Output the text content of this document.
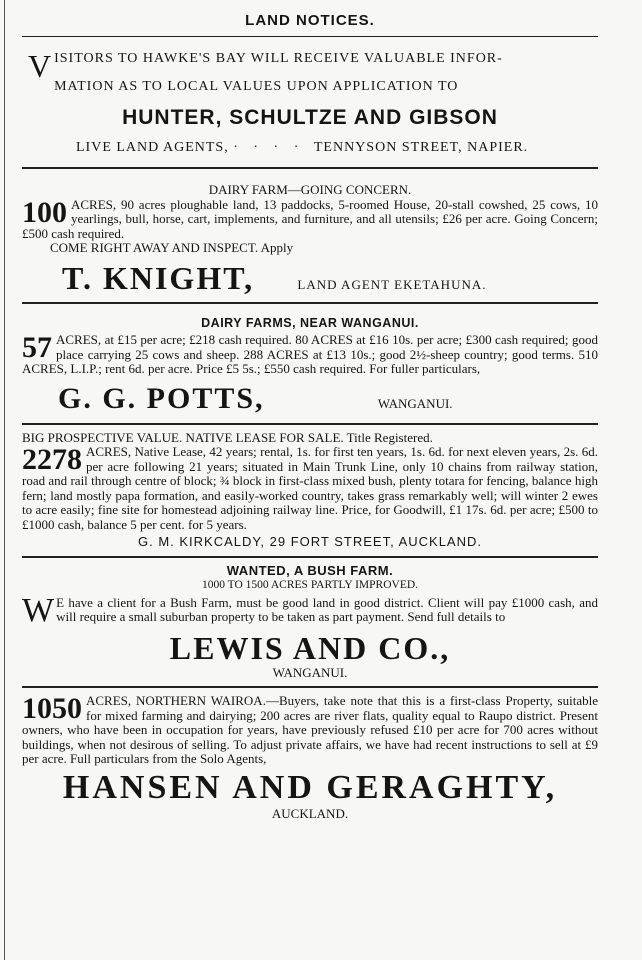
LAND NOTICES.
V ISITORS TO HAWKE'S BAY WILL RECEIVE VALUABLE INFOR-
MATION AS TO LOCAL VALUES UPON APPLICATION TO
HUNTER, SCHULTZE AND GIBSON
LIVE LAND AGENTS, · · · · TENNYSON STREET, NAPIER.
DAIRY FARM—GOING CONCERN.
100 ACRES, 90 acres ploughable land, 13 paddocks, 5-roomed House, 20-stall cowshed, 25 cows, 10 yearlings, bull, horse, cart, implements, and furniture, and all utensils; £26 per acre. Going Concern; £500 cash required.
COME RIGHT AWAY AND INSPECT. Apply
T. KNIGHT,	LAND AGENT EKETAHUNA.
DAIRY FARMS, NEAR WANGANUI.
57 ACRES, at £15 per acre; £218 cash required. 80 ACRES at £16 10s. per acre; £300 cash required; good place carrying 25 cows and sheep. 288 ACRES at £13 10s.; good 2½-sheep country; good terms. 510 ACRES, L.I.P.; rent 6d. per acre. Price £5 5s.; £550 cash required. For fuller particulars,
G. G. POTTS,	WANGANUI.
BIG PROSPECTIVE VALUE. NATIVE LEASE FOR SALE. Title Registered.
2278 ACRES, Native Lease, 42 years; rental, 1s. for first ten years, 1s. 6d. for next eleven years, 2s. 6d. per acre following 21 years; situated in Main Trunk Line, only 10 chains from railway station, road and rail through centre of block; ¾ block in first-class mixed bush, plenty totara for fencing, balance high fern; land mostly papa formation, and easily-worked country, takes grass remarkably well; will winter 2 ewes to acre easily; fine site for homestead adjoining railway line. Price, for Goodwill, £1 17s. 6d. per acre; £500 to £1000 cash, balance 5 per cent. for 5 years.
G. M. KIRKCALDY, 29 FORT STREET, AUCKLAND.
WANTED, A BUSH FARM.
1000 TO 1500 ACRES PARTLY IMPROVED.
W E have a client for a Bush Farm, must be good land in good district. Client will pay £1000 cash, and will require a small suburban property to be taken as part payment. Send full details to
LEWIS AND CO.,
WANGANUI.
1050 ACRES, NORTHERN WAIROA.—Buyers, take note that this is a first-class Property, suitable for mixed farming and dairying; 200 acres are river flats, quality equal to Raupo district. Present owners, who have been in occupation for years, have previously refused £10 per acre for 700 acres without buildings, when not desirous of selling. To adjust private affairs, we have had recent instructions to sell at £9 per acre. Full particulars from the Solo Agents,
HANSEN AND GERAGHTY,
AUCKLAND.
